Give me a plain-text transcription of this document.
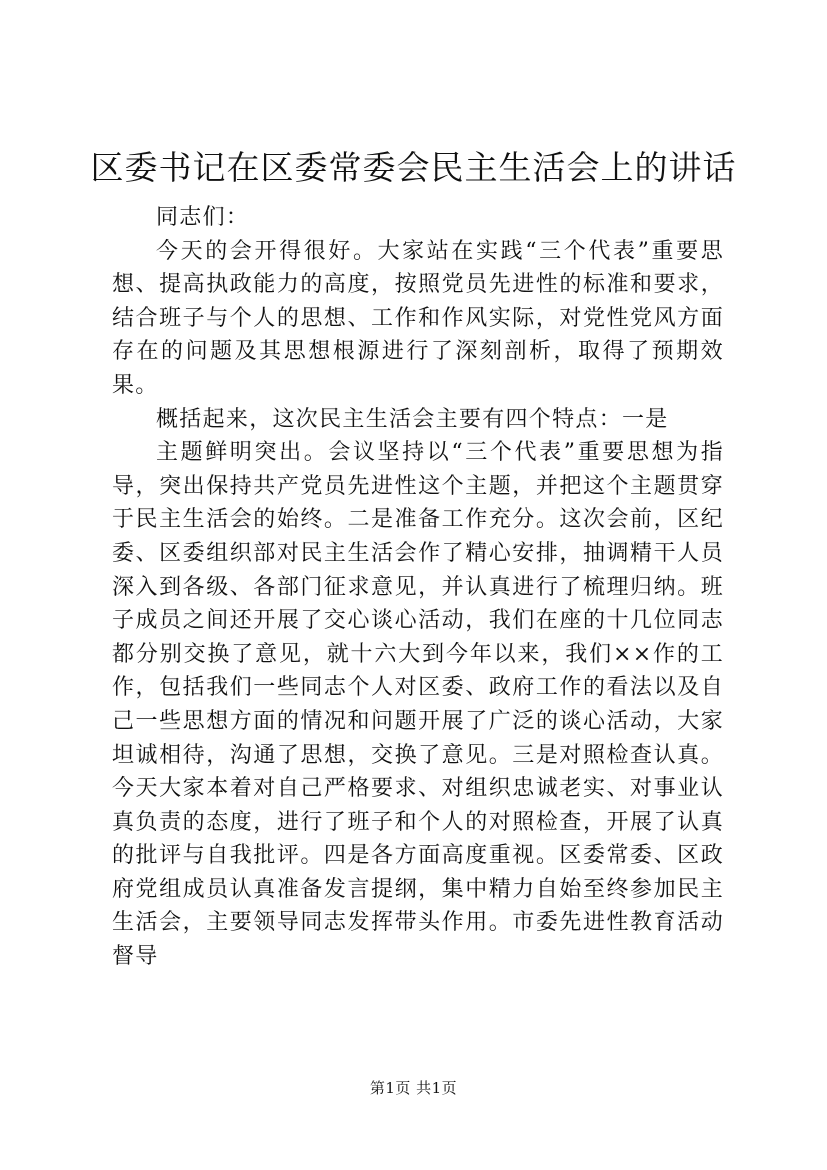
区委书记在区委常委会民主生活会上的讲话

同志们：

今天的会开得很好。大家站在实践“三个代表”重要思想、提高执政能力的高度，按照党员先进性的标准和要求，结合班子与个人的思想、工作和作风实际，对党性党风方面存在的问题及其思想根源进行了深刻剖析，取得了预期效果。

概括起来，这次民主生活会主要有四个特点：一是

主题鲜明突出。会议坚持以“三个代表”重要思想为指导，突出保持共产党员先进性这个主题，并把这个主题贯穿于民主生活会的始终。二是准备工作充分。这次会前，区纪委、区委组织部对民主生活会作了精心安排，抽调精干人员深入到各级、各部门征求意见，并认真进行了梳理归纳。班子成员之间还开展了交心谈心活动，我们在座的十几位同志都分别交换了意见，就十六大到今年以来，我们××作的工作，包括我们一些同志个人对区委、政府工作的看法以及自己一些思想方面的情况和问题开展了广泛的谈心活动，大家坦诚相待，沟通了思想，交换了意见。三是对照检查认真。今天大家本着对自己严格要求、对组织忠诚老实、对事业认真负责的态度，进行了班子和个人的对照检查，开展了认真的批评与自我批评。四是各方面高度重视。区委常委、区政府党组成员认真准备发言提纲，集中精力自始至终参加民主生活会，主要领导同志发挥带头作用。市委先进性教育活动督导

第1页 共1页
